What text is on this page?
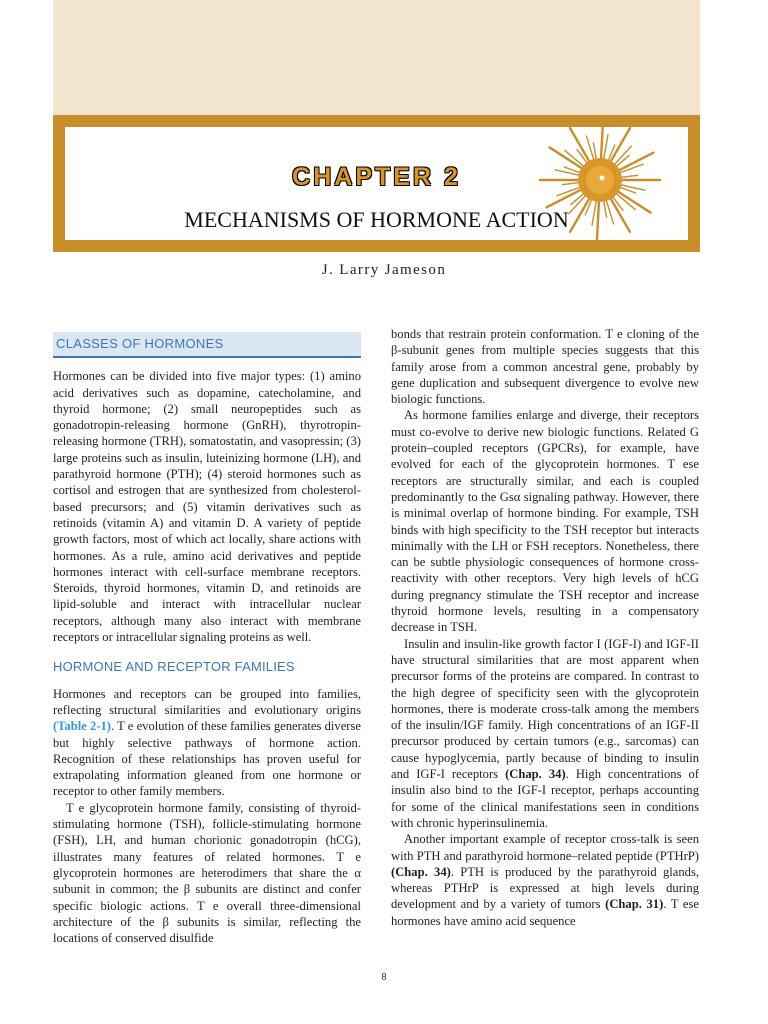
CHAPTER 2
MECHANISMS OF HORMONE ACTION
J. Larry Jameson
CLASSES OF HORMONES

Hormones can be divided into five major types: (1) amino acid derivatives such as dopamine, catecholamine, and thyroid hormone; (2) small neuropeptides such as gonadotropin-releasing hormone (GnRH), thyrotropin-releasing hormone (TRH), somatostatin, and vasopressin; (3) large proteins such as insulin, luteinizing hormone (LH), and parathyroid hormone (PTH); (4) steroid hormones such as cortisol and estrogen that are synthesized from cholesterol-based precursors; and (5) vitamin derivatives such as retinoids (vitamin A) and vitamin D. A variety of peptide growth factors, most of which act locally, share actions with hormones. As a rule, amino acid derivatives and peptide hormones interact with cell-surface membrane receptors. Steroids, thyroid hormones, vitamin D, and retinoids are lipid-soluble and interact with intracellular nuclear receptors, although many also interact with membrane receptors or intracellular signaling proteins as well.

HORMONE AND RECEPTOR FAMILIES

Hormones and receptors can be grouped into families, reflecting structural similarities and evolutionary origins (Table 2-1). T e evolution of these families generates diverse but highly selective pathways of hormone action. Recognition of these relationships has proven useful for extrapolating information gleaned from one hormone or receptor to other family members.

T e glycoprotein hormone family, consisting of thyroid-stimulating hormone (TSH), follicle-stimulating hormone (FSH), LH, and human chorionic gonadotropin (hCG), illustrates many features of related hormones. T e glycoprotein hormones are heterodimers that share the α subunit in common; the β subunits are distinct and confer specific biologic actions. T e overall three-dimensional architecture of the β subunits is similar, reflecting the locations of conserved disulfide

bonds that restrain protein conformation. T e cloning of the β-subunit genes from multiple species suggests that this family arose from a common ancestral gene, probably by gene duplication and subsequent divergence to evolve new biologic functions.

As hormone families enlarge and diverge, their receptors must co-evolve to derive new biologic functions. Related G protein–coupled receptors (GPCRs), for example, have evolved for each of the glycoprotein hormones. T ese receptors are structurally similar, and each is coupled predominantly to the Gsα signaling pathway. However, there is minimal overlap of hormone binding. For example, TSH binds with high specificity to the TSH receptor but interacts minimally with the LH or FSH receptors. Nonetheless, there can be subtle physiologic consequences of hormone cross-reactivity with other receptors. Very high levels of hCG during pregnancy stimulate the TSH receptor and increase thyroid hormone levels, resulting in a compensatory decrease in TSH.

Insulin and insulin-like growth factor I (IGF-I) and IGF-II have structural similarities that are most apparent when precursor forms of the proteins are compared. In contrast to the high degree of specificity seen with the glycoprotein hormones, there is moderate cross-talk among the members of the insulin/IGF family. High concentrations of an IGF-II precursor produced by certain tumors (e.g., sarcomas) can cause hypoglycemia, partly because of binding to insulin and IGF-I receptors (Chap. 34). High concentrations of insulin also bind to the IGF-I receptor, perhaps accounting for some of the clinical manifestations seen in conditions with chronic hyperinsulinemia.

Another important example of receptor cross-talk is seen with PTH and parathyroid hormone–related peptide (PTHrP) (Chap. 34). PTH is produced by the parathyroid glands, whereas PTHrP is expressed at high levels during development and by a variety of tumors (Chap. 31). T ese hormones have amino acid sequence

8
